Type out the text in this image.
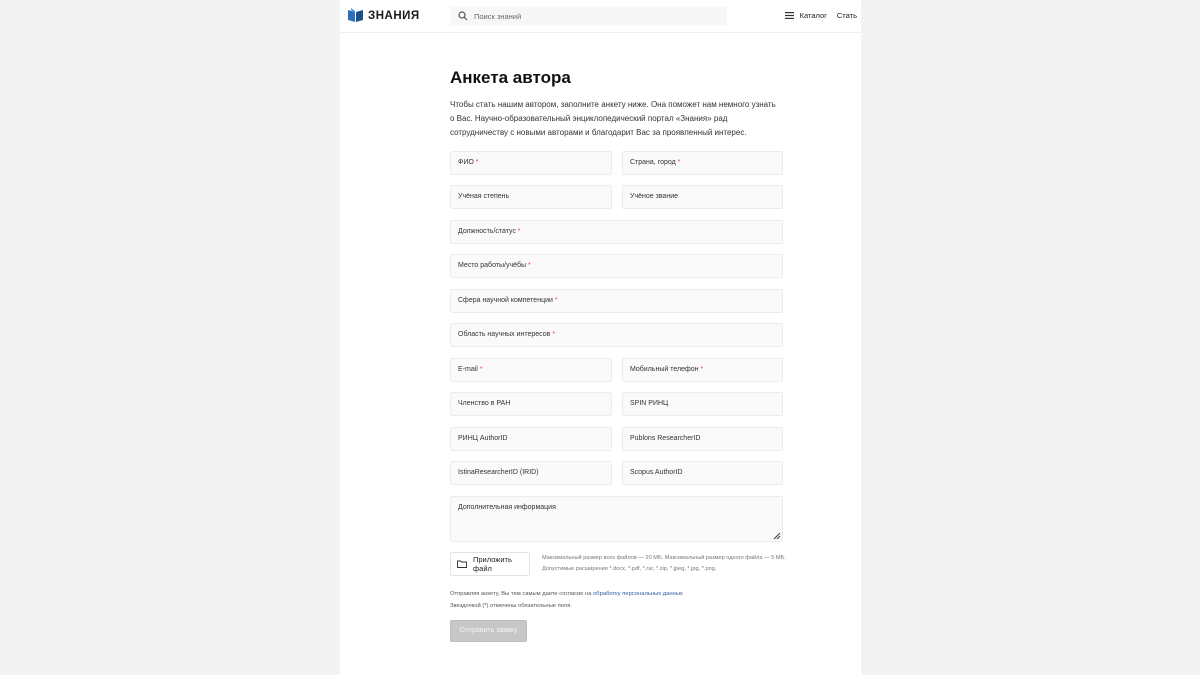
ЗНАНИЯ
Поиск знаний	Каталог Стать
Анкета автора

Чтобы стать нашим автором, заполните анкету ниже. Она поможет нам немного узнать о Вас. Научно-образовательный энциклопедический портал «Знания» рад сотрудничеству с новыми авторами и благодарит Вас за проявленный интерес.

ФИО *	Страна, город *
Учёная степень	Учёное звание
Должность/статус *
Место работы/учёбы *
Сфера научной компетенции *
Область научных интересов *
E-mail *	Мобильный телефон *
Членство в РАН	SPIN РИНЦ
РИНЦ AuthorID	Publons ResearcherID
IstinaResearcherID (IRID)	Scopus AuthorID
Дополнительная информация
Приложить файл
Максимальный размер всех файлов — 20 МБ. Максимальный размер одного файла — 5 МБ.
Допустимые расширения *.docx, *.pdf, *.rar, *.zip, *.jpeg, *.jpg, *.png.
Отправляя анкету, Вы тем самым даете согласие на обработку персональных данных
Звездочкой (*) отмечены обязательные поля.
Отправить заявку
